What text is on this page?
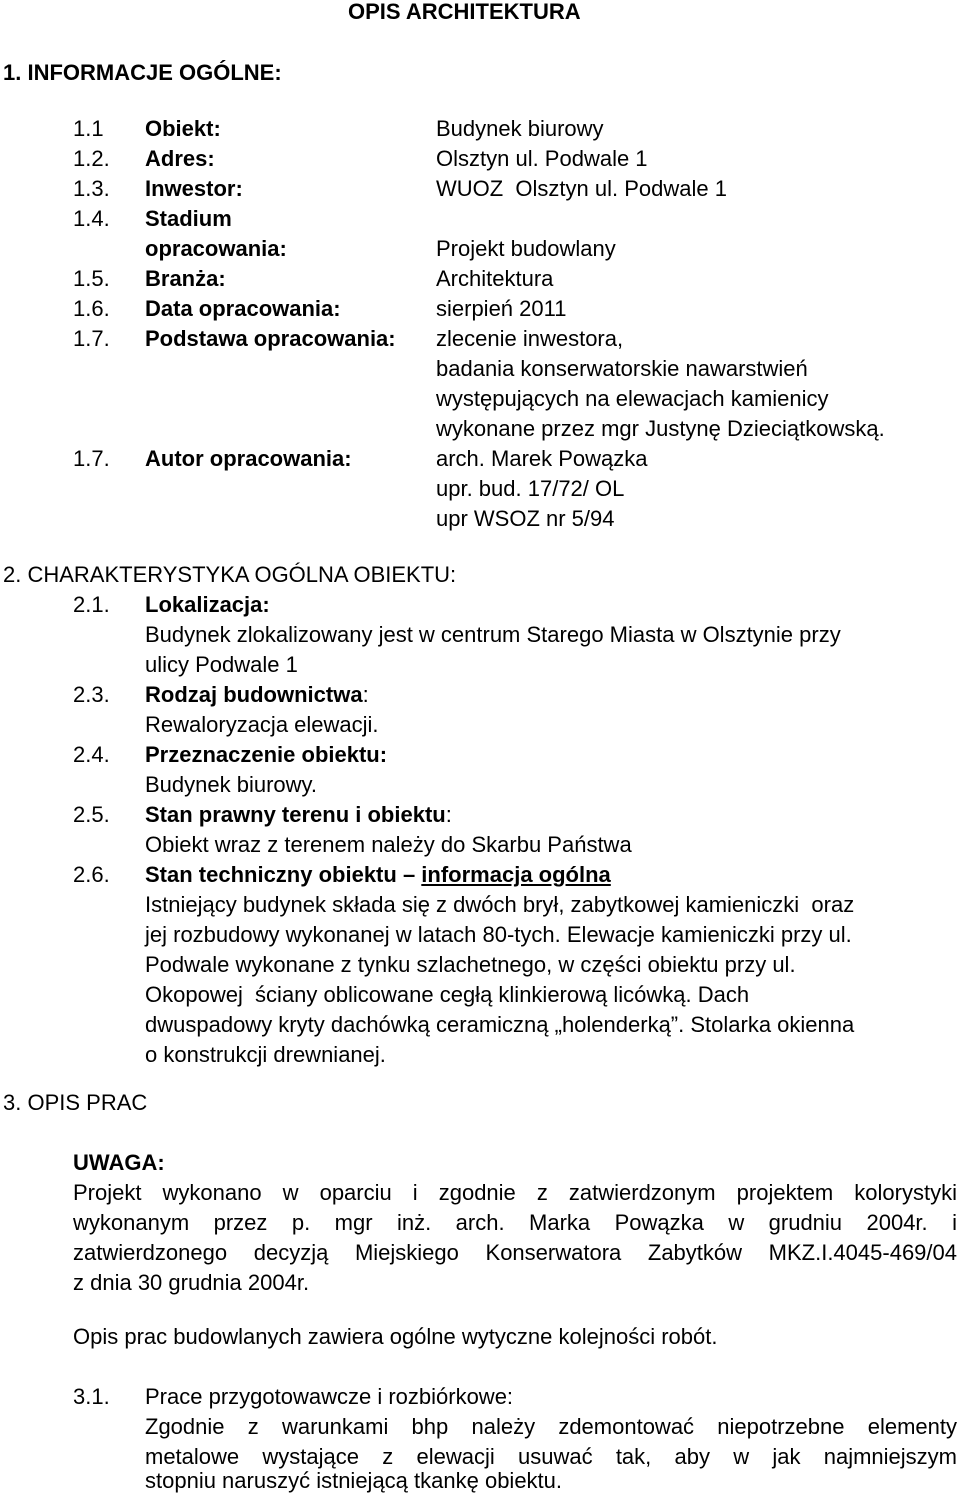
OPIS ARCHITEKTURA
1. INFORMACJE OGÓLNE:
1.1 Obiekt:	Budynek biurowy
1.2. Adres:	Olsztyn ul. Podwale 1
1.3. Inwestor:	WUOZ  Olsztyn ul. Podwale 1
1.4. Stadium
opracowania:	Projekt budowlany
1.5. Branża:	Architektura
1.6. Data opracowania:	sierpień 2011
1.7. Podstawa opracowania: zlecenie inwestora,
badania konserwatorskie nawarstwień
występujących na elewacjach kamienicy
wykonane przez mgr Justynę Dzieciątkowską.
1.7. Autor opracowania:	arch. Marek Powązka
upr. bud. 17/72/ OL
upr WSOZ nr 5/94
2. CHARAKTERYSTYKA OGÓLNA OBIEKTU:
2.1. Lokalizacja:
Budynek zlokalizowany jest w centrum Starego Miasta w Olsztynie przy
ulicy Podwale 1
2.3. Rodzaj budownictwa:
Rewaloryzacja elewacji.
2.4. Przeznaczenie obiektu:
Budynek biurowy.
2.5. Stan prawny terenu i obiektu:
Obiekt wraz z terenem należy do Skarbu Państwa
2.6. Stan techniczny obiektu – informacja ogólna
Istniejący budynek składa się z dwóch brył, zabytkowej kamieniczki  oraz
jej rozbudowy wykonanej w latach 80-tych. Elewacje kamieniczki przy ul.
Podwale wykonane z tynku szlachetnego, w części obiektu przy ul.
Okopowej  ściany oblicowane cegłą klinkierową licówką. Dach
dwuspadowy kryty dachówką ceramiczną „holenderką”. Stolarka okienna
o konstrukcji drewnianej.
3. OPIS PRAC
UWAGA:
Projekt wykonano w oparciu i zgodnie z zatwierdzonym projektem kolorystyki
wykonanym przez p. mgr inż. arch. Marka Powązka w grudniu 2004r. i
zatwierdzonego decyzją Miejskiego Konserwatora Zabytków MKZ.I.4045-469/04
z dnia 30 grudnia 2004r.
Opis prac budowlanych zawiera ogólne wytyczne kolejności robót.
3.1. Prace przygotowawcze i rozbiórkowe:
Zgodnie z warunkami bhp należy zdemontować niepotrzebne elementy
metalowe wystające z elewacji usuwać tak, aby w jak najmniejszym
stopniu naruszyć istniejącą tkankę obiektu.
